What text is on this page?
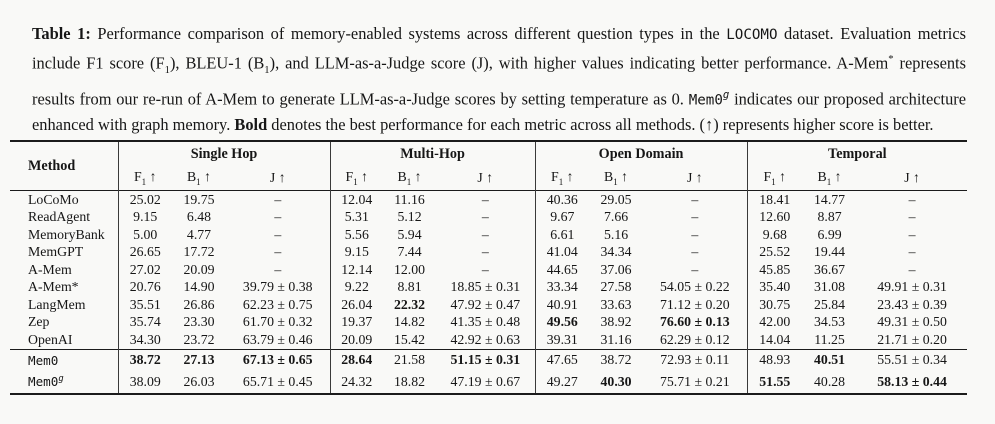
Table 1: Performance comparison of memory-enabled systems across different question types in the LOCOMO dataset. Evaluation metrics include F1 score $(F_1)$, BLEU-1 $(B_1)$, and LLM-as-a-Judge score (J), with higher values indicating better performance. A-Mem* represents results from our re-run of A-Mem to generate LLM-as-a-Judge scores by setting temperature as 0. Mem0$^g$ indicates our proposed architecture enhanced with graph memory. Bold denotes the best performance for each metric across all methods. (↑) represents higher score is better.

Method	Single Hop			Multi-Hop			Open Domain			Temporal		
	$F_1$ ↑	$B_1$ ↑	J ↑	$F_1$ ↑	$B_1$ ↑	J ↑	$F_1$ ↑	$B_1$ ↑	J ↑	$F_1$ ↑	$B_1$ ↑	J ↑
LoCoMo	25.02	19.75	–	12.04	11.16	–	40.36	29.05	–	18.41	14.77	–
ReadAgent	9.15	6.48	–	5.31	5.12	–	9.67	7.66	–	12.60	8.87	–
MemoryBank	5.00	4.77	–	5.56	5.94	–	6.61	5.16	–	9.68	6.99	–
MemGPT	26.65	17.72	–	9.15	7.44	–	41.04	34.34	–	25.52	19.44	–
A-Mem	27.02	20.09	–	12.14	12.00	–	44.65	37.06	–	45.85	36.67	–
A-Mem*	20.76	14.90	39.79 ± 0.38	9.22	8.81	18.85 ± 0.31	33.34	27.58	54.05 ± 0.22	35.40	31.08	49.91 ± 0.31
LangMem	35.51	26.86	62.23 ± 0.75	26.04	22.32	47.92 ± 0.47	40.91	33.63	71.12 ± 0.20	30.75	25.84	23.43 ± 0.39
Zep	35.74	23.30	61.70 ± 0.32	19.37	14.82	41.35 ± 0.48	49.56	38.92	76.60 ± 0.13	42.00	34.53	49.31 ± 0.50
OpenAI	34.30	23.72	63.79 ± 0.46	20.09	15.42	42.92 ± 0.63	39.31	31.16	62.29 ± 0.12	14.04	11.25	21.71 ± 0.20
Mem0	38.72	27.13	67.13 ± 0.65	28.64	21.58	51.15 ± 0.31	47.65	38.72	72.93 ± 0.11	48.93	40.51	55.51 ± 0.34
Mem0$^g$	38.09	26.03	65.71 ± 0.45	24.32	18.82	47.19 ± 0.67	49.27	40.30	75.71 ± 0.21	51.55	40.28	58.13 ± 0.44
